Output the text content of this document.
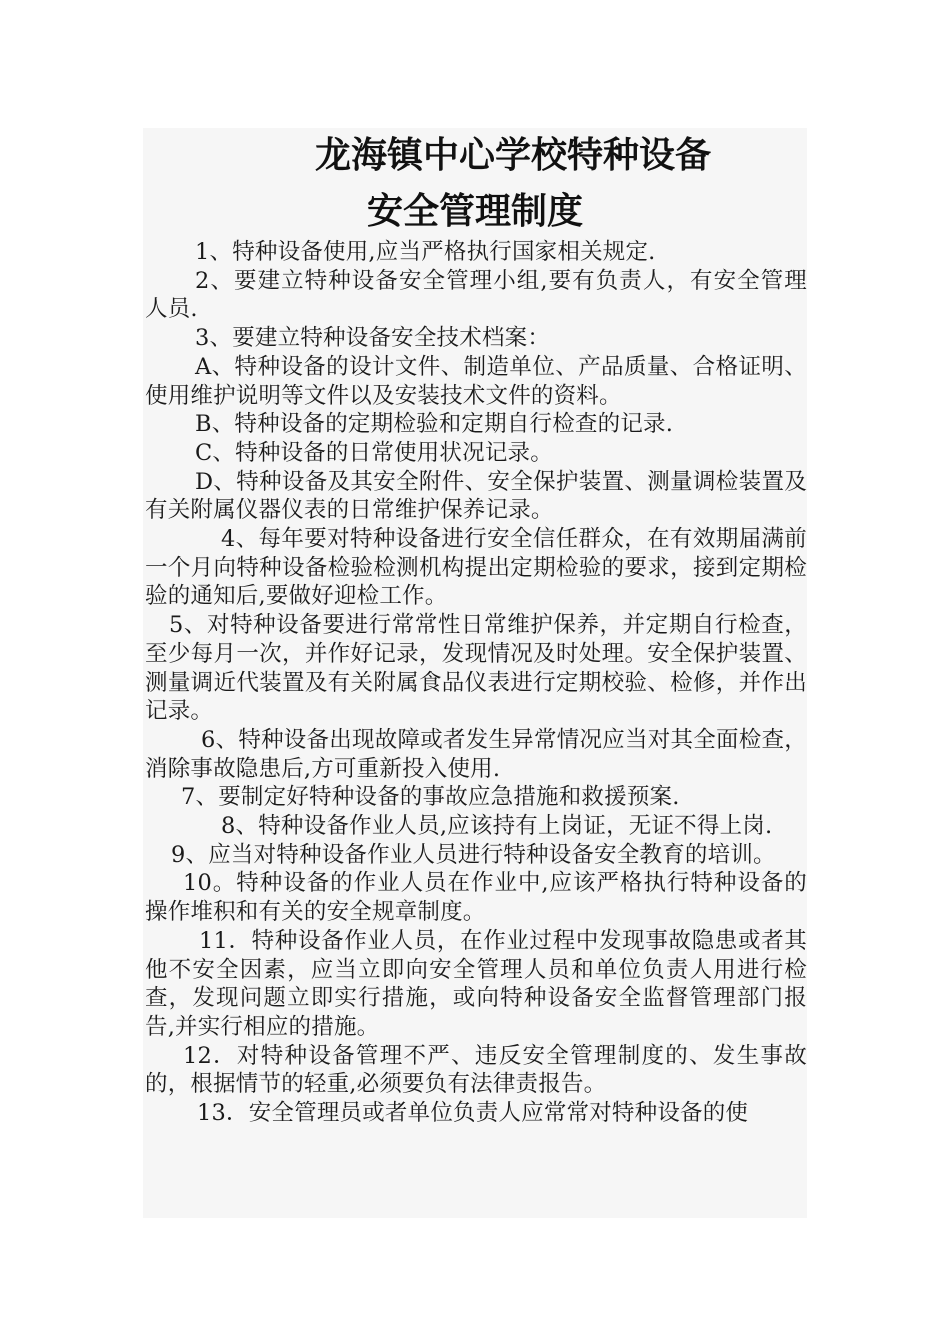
龙海镇中心学校特种设备
安全管理制度

1、特种设备使用,应当严格执行国家相关规定.

2、要建立特种设备安全管理小组,要有负责人，有安全管理人员.

3、要建立特种设备安全技术档案：

A、特种设备的设计文件、制造单位、产品质量、合格证明、使用维护说明等文件以及安装技术文件的资料。

B、特种设备的定期检验和定期自行检查的记录.

C、特种设备的日常使用状况记录。

D、特种设备及其安全附件、安全保护装置、测量调检装置及有关附属仪器仪表的日常维护保养记录。

4、每年要对特种设备进行安全信任群众，在有效期届满前一个月向特种设备检验检测机构提出定期检验的要求，接到定期检验的通知后,要做好迎检工作。

5、对特种设备要进行常常性日常维护保养，并定期自行检查，至少每月一次，并作好记录，发现情况及时处理。安全保护装置、测量调近代装置及有关附属食品仪表进行定期校验、检修，并作出记录。

6、特种设备出现故障或者发生异常情况应当对其全面检查，消除事故隐患后,方可重新投入使用.

7、要制定好特种设备的事故应急措施和救援预案.

8、特种设备作业人员,应该持有上岗证，无证不得上岗.

9、应当对特种设备作业人员进行特种设备安全教育的培训。

10。特种设备的作业人员在作业中,应该严格执行特种设备的操作堆积和有关的安全规章制度。

11．特种设备作业人员，在作业过程中发现事故隐患或者其他不安全因素，应当立即向安全管理人员和单位负责人用进行检查，发现问题立即实行措施，或向特种设备安全监督管理部门报告,并实行相应的措施。

12．对特种设备管理不严、违反安全管理制度的、发生事故的，根据情节的轻重,必须要负有法律责报告。

13．安全管理员或者单位负责人应常常对特种设备的使
